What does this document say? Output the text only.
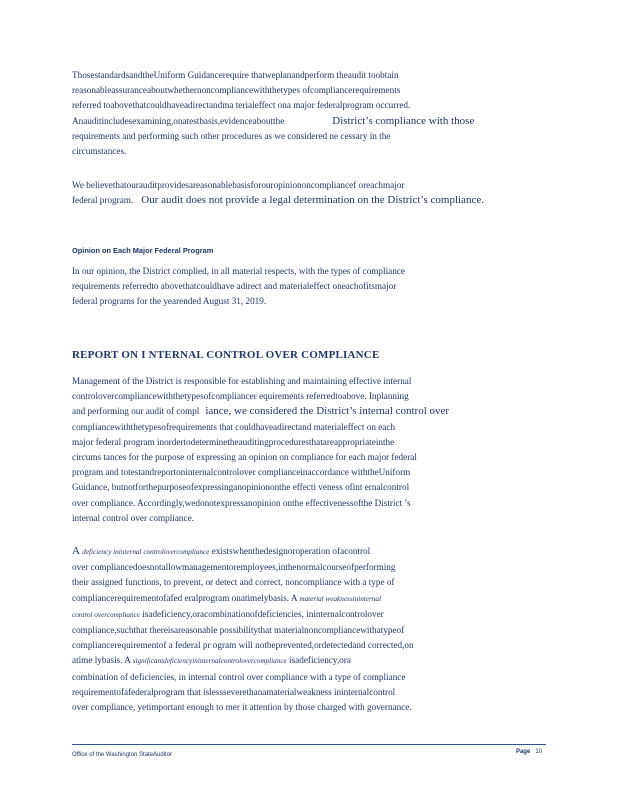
ThosestandardsandtheUniform Guidancerequire thatweplanandperform theaudit toobtain
reasonableassuranceaboutwhethernoncompliancewiththetypes ofcompliancerequirements
referred toabovethatcouldhaveadirectandma terialeffect ona major federalprogram occurred.
Anauditincludesexamining,onatestbasis,evidenceaboutthe	District’s compliance with those
requirements and performing such other procedures as we considered ne cessary in the
circumstances.
We believethatourauditprovidesareasonablebasisforouropiniononcompliancef oreachmajor
federal program. Our audit does not provide a legal determination on the District’s compliance.
Opinion on Each Major Federal Program
In our opinion, the District complied, in all material respects, with the types of compliance
requirements referredto abovethatcouldhave adirect and materialeffect oneachofitsmajor
federal programs for the yearended August 31, 2019.
REPORT ON I NTERNAL CONTROL OVER COMPLIANCE
Management of the District is responsible for establishing and maintaining effective internal
controlovercompliancewiththetypesofcompliancer equirements referredtoabove. Inplanning
and performing our audit of compl iance, we considered the District’s internal control over
compliancewiththetypesofrequirements that couldhaveadirectand materialeffect on each
major federal program inordertodeterminetheauditingproceduresthatareappropriateinthe
circums tances for the purpose of expressing an opinion on compliance for each major federal
program and totestandreportoninternalcontrolover complianceinaccordance withtheUniform
Guidance, butnotforthepurposeofexpressinganopiniononthe effecti veness ofint ernalcontrol
over compliance. Accordingly,wedonotexpressanopinion onthe effectivenessofthe District ’s
internal control over compliance.
A deficiency ininternal controlovercompliance existswhenthedesignoroperation ofacontrol
over compliancedoesnotallowmanagementoremployees,inthenormalcourseofperforming
their assigned functions, to prevent, or detect and correct, noncompliance with a type of
compliancerequirementofafed eralprogram onatimelybasis. A material weaknessininternal
control overcompliance isadeficiency,oracombinationofdeficiencies, ininternalcontrolover
compliance,suchthat thereisareasonable possibilitythat materialnoncompliancewithatypeof
compliancerequirementof a federal pr ogram will notbeprevented,ordetectedand corrected,on
atime lybasis. A significantdeficiencyininternalcontrolovercompliance isadeficiency,ora
combination of deficiencies, in internal control over compliance with a type of compliance
requirementofafederalprogram that islessseverethanamaterialweakness ininternalcontrol
over compliance, yetimportant enough to mer it attention by those charged with governance.
Office of the Washington StateAuditor	Page 10
